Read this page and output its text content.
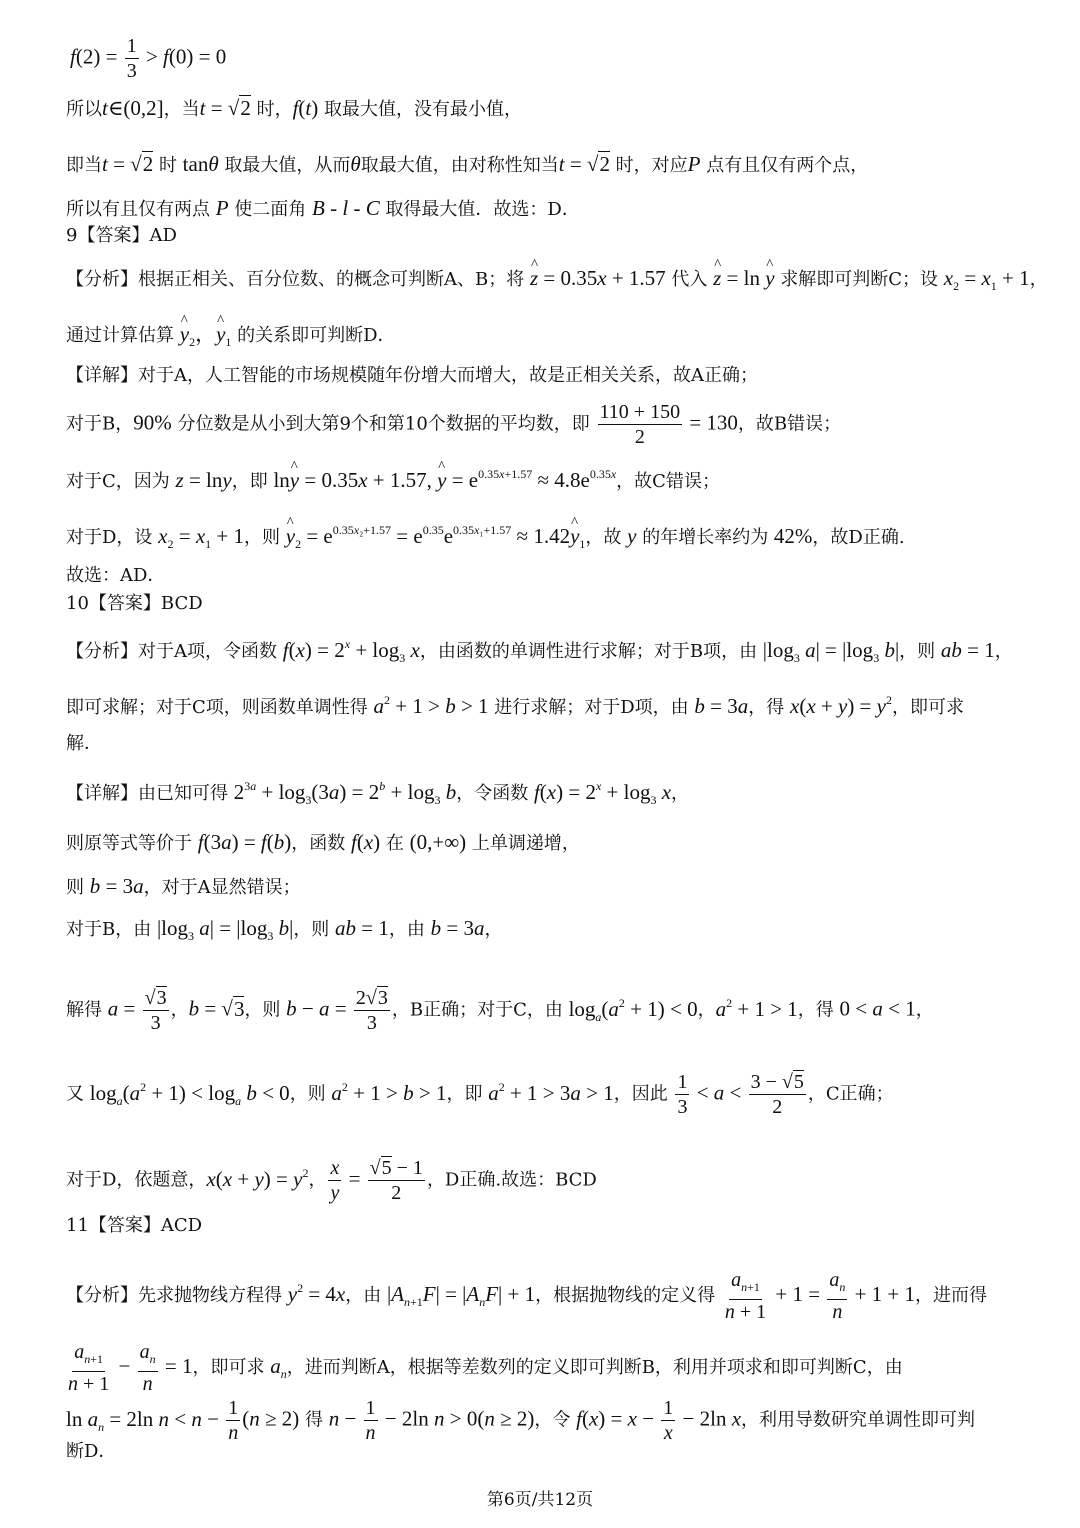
$f(2) = \frac{1}{3} > f(0) = 0$
所以t∈(0,2]，当t = √2 时，f(t) 取最大值，没有最小值，
即当t = √2 时 tanθ 取最大值，从而θ取最大值，由对称性知当t = √2 时，对应P 点有且仅有两个点，
所以有且仅有两点 P 使二面角 B - l - C 取得最大值．故选：D．
9【答案】AD
【分析】根据正相关、百分位数、的概念可判断A、B；将 ^ z = 0.35x + 1.57 代入 ^ z = ln ^ y 求解即可判断C；设 $x_2 = x_1 + 1$，
通过计算估算 ^ $y_2$，^ $y_1$ 的关系即可判断D．
【详解】对于A，人工智能的市场规模随年份增大而增大，故是正相关关系，故A正确；
对于B，90% 分位数是从小到大第9个和第10个数据的平均数，即 $\frac{110 + 150}{2} = 130$，故B错误；
对于C，因为 z = lny，即 ln^ y = 0.35x + 1.57, ^ $y = e^{0.35x+1.57} \approx 4.8e^{0.35x}$，故C错误；
对于D，设 $x_2 = x_1 + 1$，则 ^ $y_2 = e^{0.35x_2+1.57} = e^{0.35}e^{0.35x_1+1.57}$ ≈ 1.42^ $y_1$，故 y 的年增长率约为 42%，故D正确.
故选：AD．
10【答案】BCD
【分析】对于A项，令函数 $f(x) = 2^x + \log_3 x$，由函数的单调性进行求解；对于B项，由 $|\log_3$ $a| = |\log_3$ b|，则 ab = 1，
即可求解；对于C项，则函数单调性得 $a^2 + 1 > b > 1$ 进行求解；对于D项，由 b = 3a，得 $x(x + y) = y^2$，即可求
解．
【详解】由已知可得 $2^{3a} + \log_3(3a) = 2^b + \log_3 b$，令函数 $f(x) = 2^x + \log_3 x$，
则原等式等价于 f(3a) = f(b)，函数 f(x) 在 (0,+∞) 上单调递增，
则 b = 3a，对于A显然错误；
对于B，由 $|\log_3$ $a| = |\log_3$ b|，则 ab = 1，由 b = 3a，
解得 $a = \frac{√3}{3}$ ，b = √3，则 $b - a = \frac{2√3}{3}$ ，B正确；对于C，由 $\log_a(a^2 + 1) < 0$，$a^2 + 1 > 1$，得 0 < a < 1，
又 $\log_a(a^2 + 1) < \log_a b < 0$，则 $a^2 + 1 > b > 1$，即 $a^2 + 1 > 3a > 1$，因此 $\frac{1}{3} < a < \frac{3 - √5}{2}$ ，C正确；
对于D，依题意，$x(x + y) = y^2$， $\frac{x}{y} = \frac{√5 - 1}{2}$ ，D正确.故选：BCD
11【答案】ACD
【分析】先求抛物线方程得 $y^2 = 4x$，由 $|A_{n+1}F| = |A_nF| + 1$，根据抛物线的定义得 $\frac{a_{n+1}}{n + 1} + 1 = \frac{a_n}{n} + 1 + 1$，进而得
$\frac{a_{n+1}}{n + 1} - \frac{a_n}{n} = 1$，即可求 $a_n$，进而判断A，根据等差数列的定义即可判断B，利用并项求和即可判断C，由
$\ln a_n = 2\ln$ $n < n - \frac{1}{n} (n \ge 2)$ 得 $n - \frac{1}{n} - 2\ln$ n > 0(n ≥ 2)，令 $f(x) = x - \frac{1}{x} - 2\ln$ x，利用导数研究单调性即可判
断D．
第6页/共12页
